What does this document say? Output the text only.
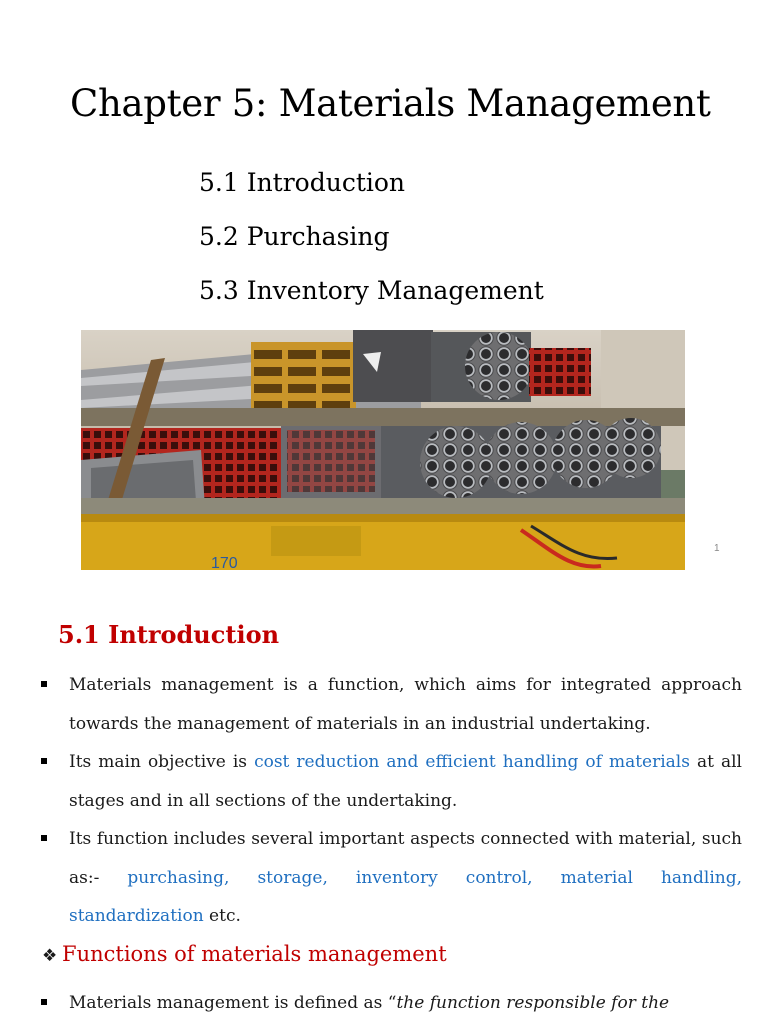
Chapter 5: Materials Management
5.1 Introduction
5.2 Purchasing
5.3 Inventory Management
170
1
5.1 Introduction
Materials management is a function, which aims for integrated approach towards the management of materials in an industrial undertaking.
Its main objective is cost reduction and efficient handling of materials at all stages and in all sections of the undertaking.
Its function includes several important aspects connected with material, such as:- purchasing, storage, inventory control, material handling, standardization etc.
❖ Functions of materials management
Materials management is defined as “the function responsible for the
